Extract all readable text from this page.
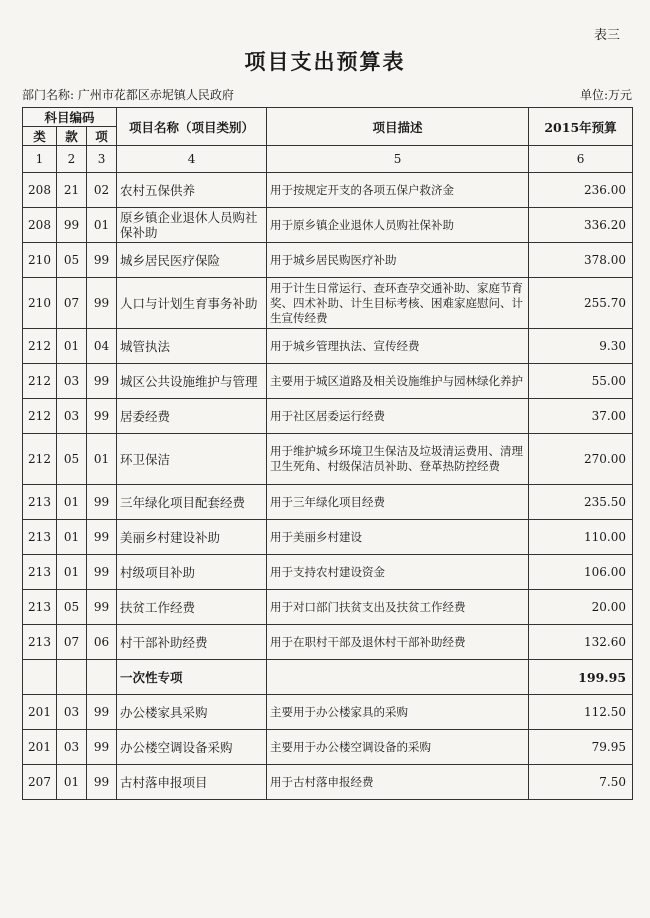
表三
项目支出预算表
部门名称: 广州市花都区赤坭镇人民政府	单位:万元
科目编码			项目名称（项目类别）	项目描述	2015年预算
类	款	项			
1	2	3	4	5	6
208	21	02	农村五保供养	用于按规定开支的各项五保户救济金	236.00
208	99	01	原乡镇企业退休人员购社保补助	用于原乡镇企业退休人员购社保补助	336.20
210	05	99	城乡居民医疗保险	用于城乡居民购医疗补助	378.00
210	07	99	人口与计划生育事务补助	用于计生日常运行、查环查孕交通补助、家庭节育奖、四术补助、计生目标考核、困难家庭慰问、计生宣传经费	255.70
212	01	04	城管执法	用于城乡管理执法、宣传经费	9.30
212	03	99	城区公共设施维护与管理	主要用于城区道路及相关设施维护与园林绿化养护	55.00
212	03	99	居委经费	用于社区居委运行经费	37.00
212	05	01	环卫保洁	用于维护城乡环境卫生保洁及垃圾清运费用、清理卫生死角、村级保洁员补助、登革热防控经费	270.00
213	01	99	三年绿化项目配套经费	用于三年绿化项目经费	235.50
213	01	99	美丽乡村建设补助	用于美丽乡村建设	110.00
213	01	99	村级项目补助	用于支持农村建设资金	106.00
213	05	99	扶贫工作经费	用于对口部门扶贫支出及扶贫工作经费	20.00
213	07	06	村干部补助经费	用于在职村干部及退休村干部补助经费	132.60
			一次性专项		199.95
201	03	99	办公楼家具采购	主要用于办公楼家具的采购	112.50
201	03	99	办公楼空调设备采购	主要用于办公楼空调设备的采购	79.95
207	01	99	古村落申报项目	用于古村落申报经费	7.50
